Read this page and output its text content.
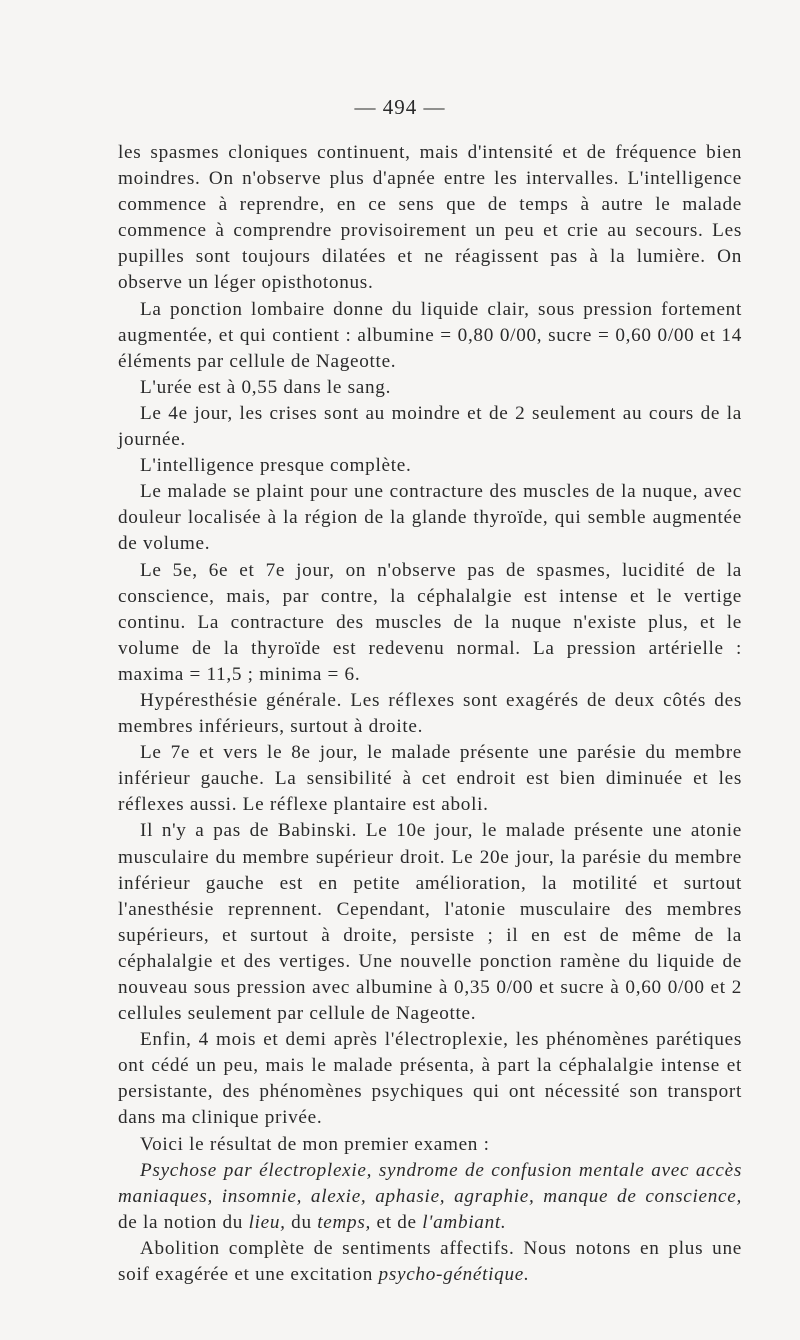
— 494 —

les spasmes cloniques continuent, mais d'intensité et de fréquence bien moindres. On n'observe plus d'apnée entre les intervalles. L'intelligence commence à reprendre, en ce sens que de temps à autre le malade commence à comprendre provisoirement un peu et crie au secours. Les pupilles sont toujours dilatées et ne réagissent pas à la lumière. On observe un léger opisthotonus.

La ponction lombaire donne du liquide clair, sous pression fortement augmentée, et qui contient : albumine = 0,80 0/00, sucre = 0,60 0/00 et 14 éléments par cellule de Nageotte.

L'urée est à 0,55 dans le sang.

Le 4e jour, les crises sont au moindre et de 2 seulement au cours de la journée.

L'intelligence presque complète.

Le malade se plaint pour une contracture des muscles de la nuque, avec douleur localisée à la région de la glande thyroïde, qui semble augmentée de volume.

Le 5e, 6e et 7e jour, on n'observe pas de spasmes, lucidité de la conscience, mais, par contre, la céphalalgie est intense et le vertige continu. La contracture des muscles de la nuque n'existe plus, et le volume de la thyroïde est redevenu normal. La pression artérielle : maxima = 11,5 ; minima = 6.

Hypéresthésie générale. Les réflexes sont exagérés de deux côtés des membres inférieurs, surtout à droite.

Le 7e et vers le 8e jour, le malade présente une parésie du membre inférieur gauche. La sensibilité à cet endroit est bien diminuée et les réflexes aussi. Le réflexe plantaire est aboli.

Il n'y a pas de Babinski. Le 10e jour, le malade présente une atonie musculaire du membre supérieur droit. Le 20e jour, la parésie du membre inférieur gauche est en petite amélioration, la motilité et surtout l'anesthésie reprennent. Cependant, l'atonie musculaire des membres supérieurs, et surtout à droite, persiste ; il en est de même de la céphalalgie et des vertiges. Une nouvelle ponction ramène du liquide de nouveau sous pression avec albumine à 0,35 0/00 et sucre à 0,60 0/00 et 2 cellules seulement par cellule de Nageotte.

Enfin, 4 mois et demi après l'électroplexie, les phénomènes parétiques ont cédé un peu, mais le malade présenta, à part la céphalalgie intense et persistante, des phénomènes psychiques qui ont nécessité son transport dans ma clinique privée.

Voici le résultat de mon premier examen :

Psychose par électroplexie, syndrome de confusion mentale avec accès maniaques, insomnie, alexie, aphasie, agraphie, manque de conscience, de la notion du lieu, du temps, et de l'ambiant.

Abolition complète de sentiments affectifs. Nous notons en plus une soif exagérée et une excitation psycho-génétique.
